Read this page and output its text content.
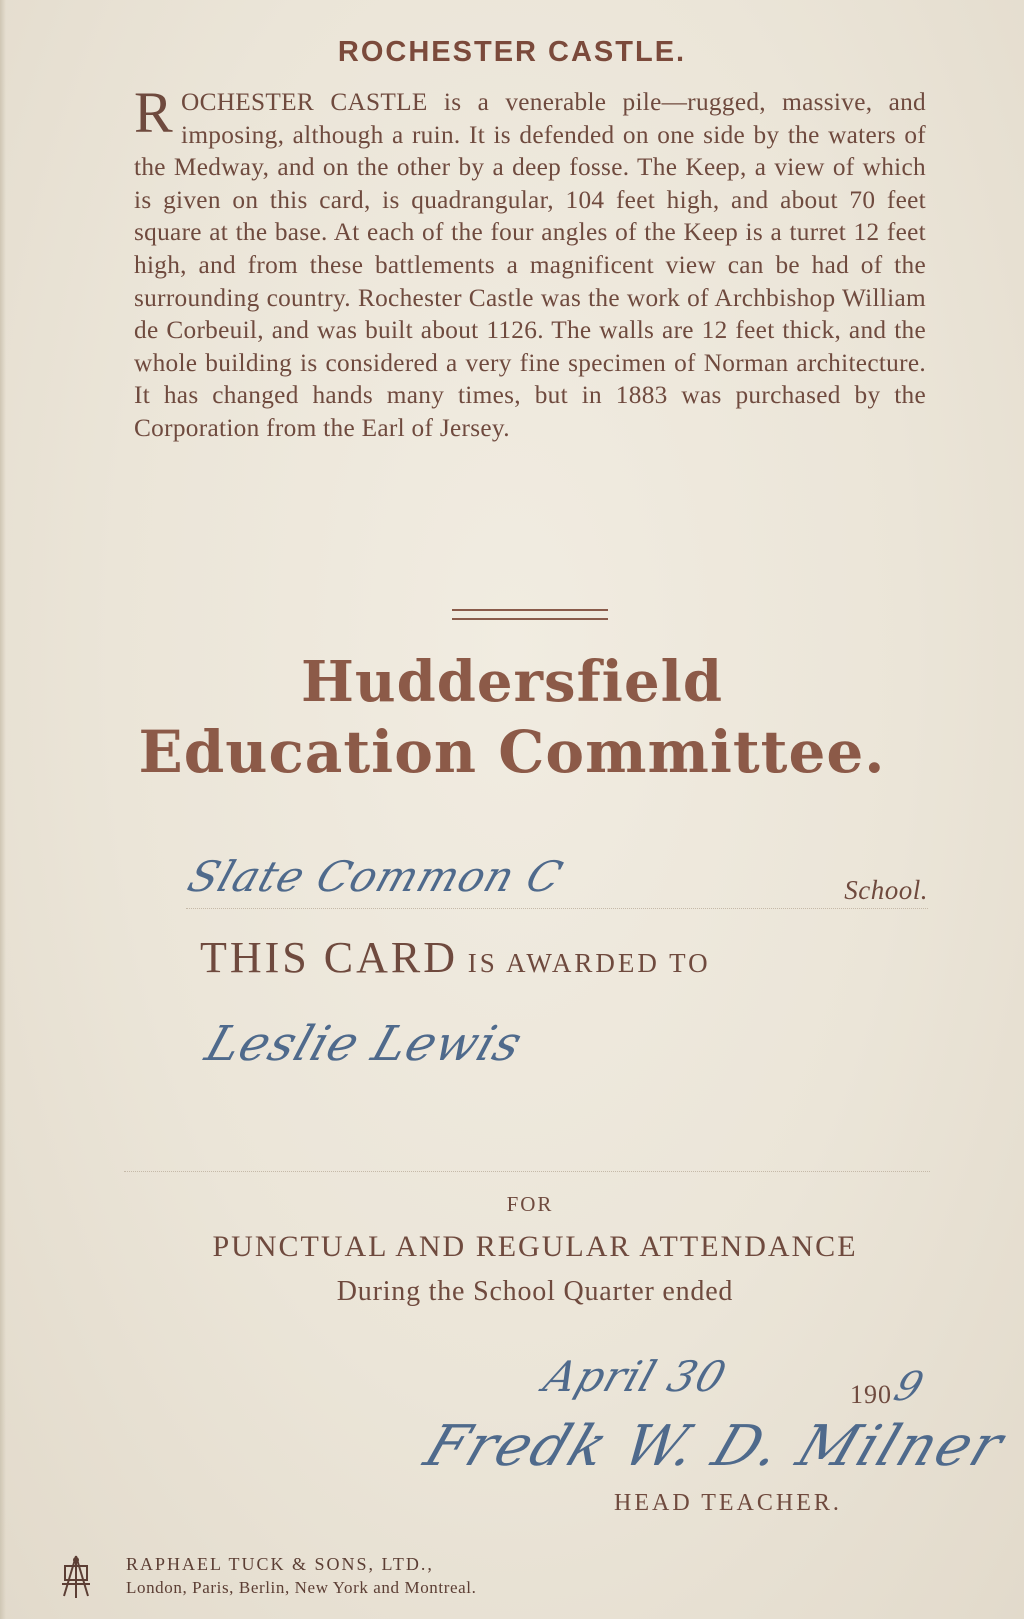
ROCHESTER CASTLE.

ROCHESTER CASTLE is a venerable pile—rugged, massive, and imposing, although a ruin. It is defended on one side by the waters of the Medway, and on the other by a deep fosse. The Keep, a view of which is given on this card, is quadrangular, 104 feet high, and about 70 feet square at the base. At each of the four angles of the Keep is a turret 12 feet high, and from these battlements a magnificent view can be had of the surrounding country. Rochester Castle was the work of Archbishop William de Corbeuil, and was built about 1126. The walls are 12 feet thick, and the whole building is considered a very fine specimen of Norman architecture. It has changed hands many times, but in 1883 was purchased by the Corporation from the Earl of Jersey.

Huddersfield
Education Committee.
School.
Slate Common C
THIS CARD IS AWARDED TO
Leslie Lewis
FOR
PUNCTUAL AND REGULAR ATTENDANCE
During the School Quarter ended
April 30	190
9
Fredk W. D. Milner
HEAD TEACHER.
RAPHAEL TUCK & SONS, LTD.,
London, Paris, Berlin, New York and Montreal.
